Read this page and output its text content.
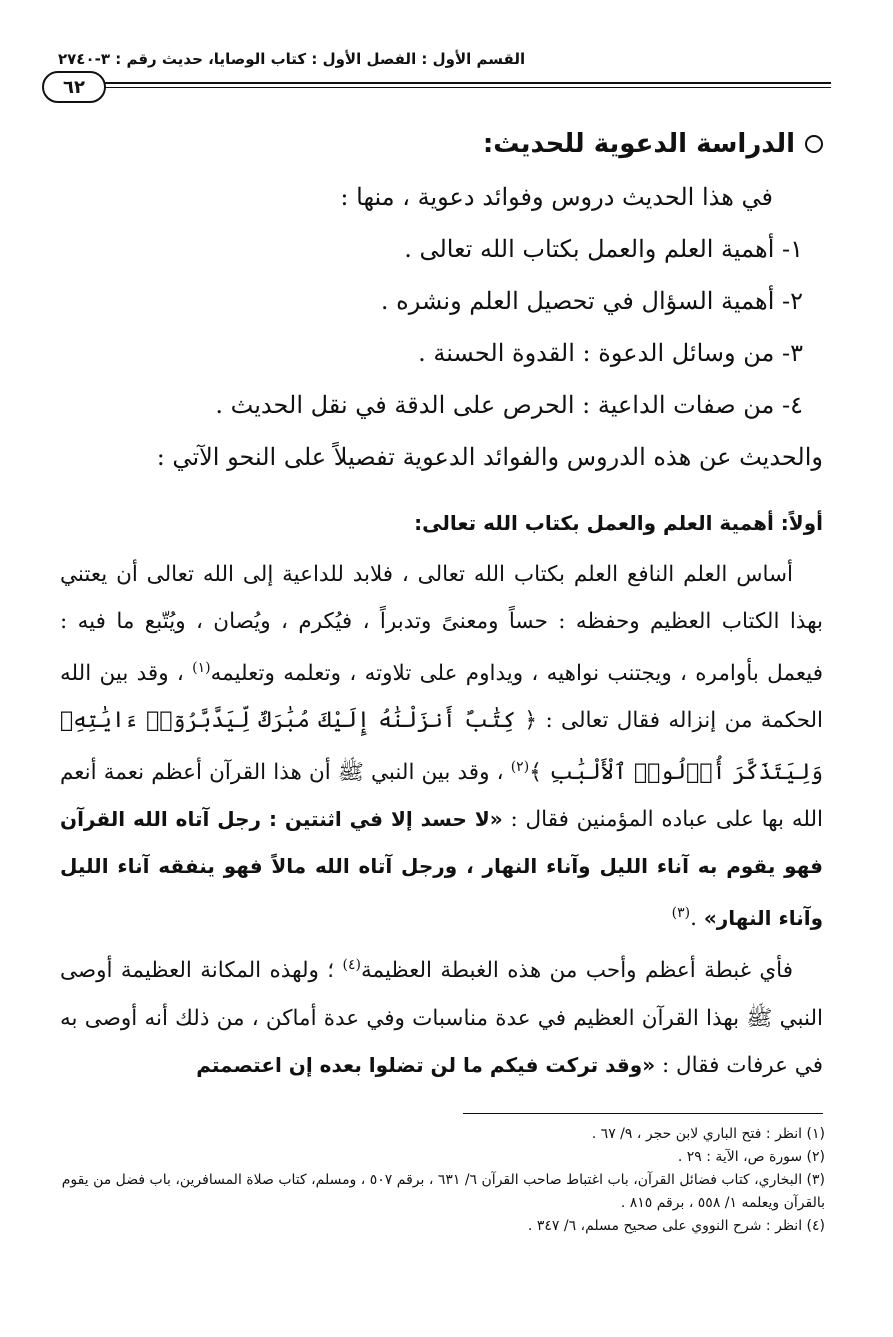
القسم الأول : الفصل الأول : كتاب الوصايا، حديث رقم : ٣-٢٧٤٠
٦٢
الدراسة الدعوية للحديث:
في هذا الحديث دروس وفوائد دعوية ، منها :
١- أهمية العلم والعمل بكتاب الله تعالى .
٢- أهمية السؤال في تحصيل العلم ونشره .
٣- من وسائل الدعوة : القدوة الحسنة .
٤- من صفات الداعية : الحرص على الدقة في نقل الحديث .
والحديث عن هذه الدروس والفوائد الدعوية تفصيلاً على النحو الآتي :
أولاً: أهمية العلم والعمل بكتاب الله تعالى:

أساس العلم النافع العلم بكتاب الله تعالى ، فلابد للداعية إلى الله تعالى أن يعتني بهذا الكتاب العظيم وحفظه : حساً ومعنىً وتدبراً ، فيُكرم ، ويُصان ، ويُتّبع ما فيه : فيعمل بأوامره ، ويجتنب نواهيه ، ويداوم على تلاوته ، وتعلمه وتعليمه$^{(١)}$ ، وقد بين الله الحكمة من إنزاله فقال تعالى : ﴿ كِتَٰبٌ أَنزَلْنَٰهُ إِلَيْكَ مُبَٰرَكٌ لِّيَدَّبَّرُوٓا۟ ءَايَٰتِهِۦ وَلِيَتَذَكَّرَ أُو۟لُوا۟ ٱلْأَلْبَٰبِ ﴾$^{(٢)}$ ، وقد بين النبي ﷺ أن هذا القرآن أعظم نعمة أنعم الله بها على عباده المؤمنين فقال : «لا حسد إلا في اثنتين : رجل آتاه الله القرآن فهو يقوم به آناء الليل وآناء النهار ، ورجل آتاه الله مالاً فهو ينفقه آناء الليل وآناء النهار» .$^{(٣)}$

فأي غبطة أعظم وأحب من هذه الغبطة العظيمة$^{(٤)}$ ؛ ولهذه المكانة العظيمة أوصى النبي ﷺ بهذا القرآن العظيم في عدة مناسبات وفي عدة أماكن ، من ذلك أنه أوصى به في عرفات فقال : «وقد تركت فيكم ما لن تضلوا بعده إن اعتصمتم

(١) انظر : فتح الباري لابن حجر ، ٩/ ٦٧ .

(٢) سورة ص، الآية : ٢٩ .

(٣) البخاري، كتاب فضائل القرآن، باب اغتباط صاحب القرآن ٦/ ٦٣١ ، برقم ٥٠٧ ، ومسلم، كتاب صلاة المسافرين، باب فضل من يقوم بالقرآن ويعلمه ١/ ٥٥٨ ، برقم ٨١٥ .

(٤) انظر : شرح النووي على صحيح مسلم، ٦/ ٣٤٧ .
